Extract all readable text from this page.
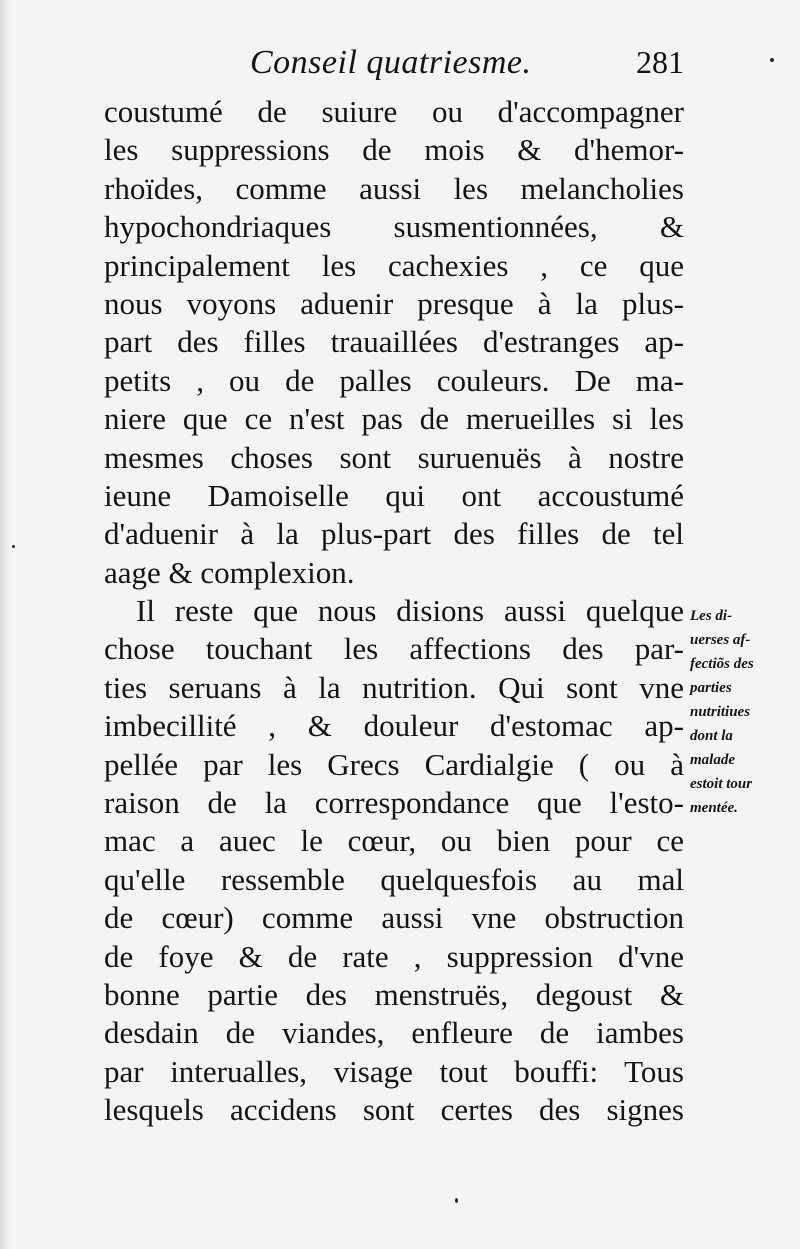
Conseil quatriesme.	281
coustumé de suiure ou d'accompagner
les suppressions de mois & d'hemor-
rhoïdes, comme aussi les melancholies
hypochondriaques susmentionnées, &
principalement les cachexies , ce que
nous voyons aduenir presque à la plus-
part des filles trauaillées d'estranges ap-
petits , ou de palles couleurs. De ma-
niere que ce n'est pas de merueilles si les
mesmes choses sont suruenuës à nostre
ieune Damoiselle qui ont accoustumé
d'aduenir à la plus-part des filles de tel
aage & complexion.
Il reste que nous disions aussi quelque
chose touchant les affections des par-
ties seruans à la nutrition. Qui sont vne
imbecillité , & douleur d'estomac ap-
pellée par les Grecs Cardialgie ( ou à
raison de la correspondance que l'esto-
mac a auec le cœur, ou bien pour ce
qu'elle ressemble quelquesfois au mal
de cœur) comme aussi vne obstruction
de foye & de rate , suppression d'vne
bonne partie des menstruës, degoust &
desdain de viandes, enfleure de iambes
par interualles, visage tout bouffi: Tous
lesquels accidens sont certes des signes
Les di-
uerses af-
fectiõs des
parties
nutritiues
dont la
malade
estoit tour
mentée.
